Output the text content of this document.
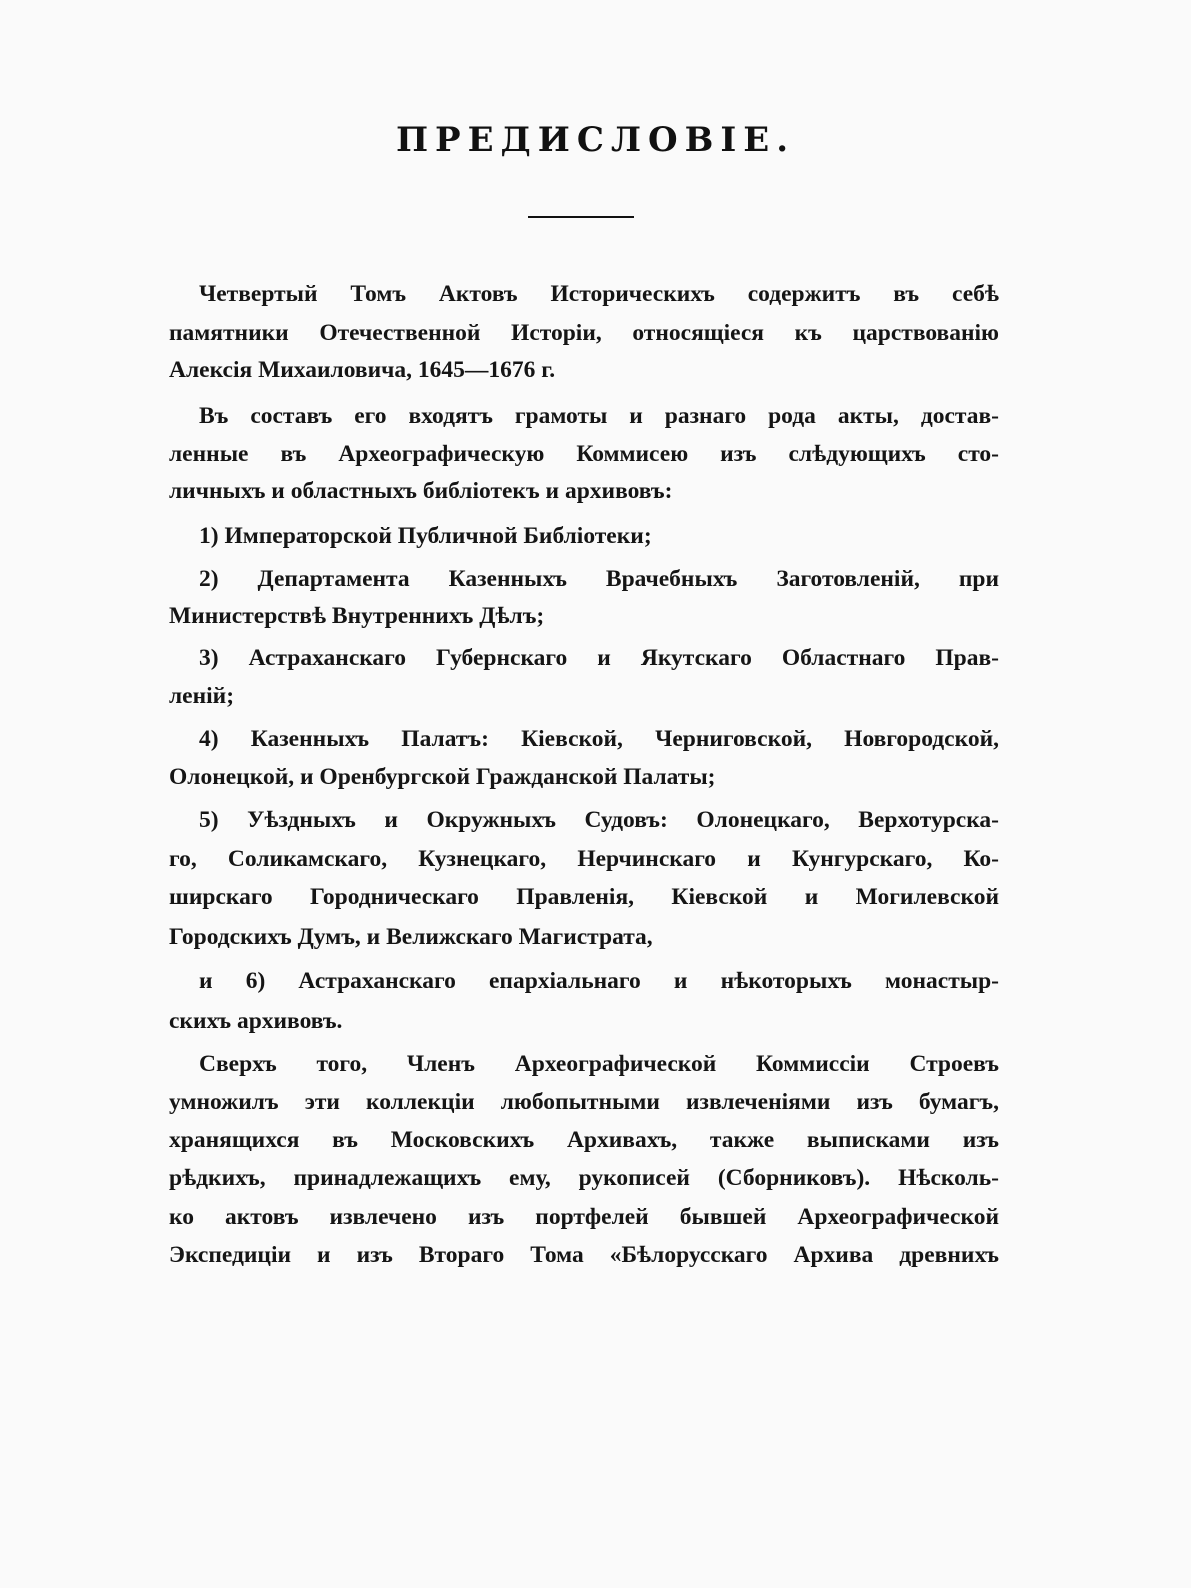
ПРЕДИСЛОВІЕ.
Четвертый Томъ Актовъ Историческихъ содержитъ въ себѣ
памятники Отечественной Исторіи, относящіеся къ царствованію
Алексія Михаиловича, 1645—1676 г.
Въ составъ его входятъ грамоты и разнаго рода акты, достав-
ленные въ Археографическую Коммисею изъ слѣдующихъ сто-
личныхъ и областныхъ библіотекъ и архивовъ:
1) Императорской Публичной Библіотеки;
2) Департамента Казенныхъ Врачебныхъ Заготовленій, при
Министерствѣ Внутреннихъ Дѣлъ;
3) Астраханскаго Губернскаго и Якутскаго Областнаго Прав-
леній;
4) Казенныхъ Палатъ: Кіевской, Черниговской, Новгородской,
Олонецкой, и Оренбургской Гражданской Палаты;
5) Уѣздныхъ и Окружныхъ Судовъ: Олонецкаго, Верхотурска-
го, Соликамскаго, Кузнецкаго, Нерчинскаго и Кунгурскаго, Ко-
ширскаго Городническаго Правленія, Кіевской и Могилевской
Городскихъ Думъ, и Велижскаго Магистрата,
и 6) Астраханскаго епархіальнаго и нѣкоторыхъ монастыр-
скихъ архивовъ.
Сверхъ того, Членъ Археографической Коммиссіи Строевъ
умножилъ эти коллекціи любопытными извлеченіями изъ бумагъ,
хранящихся въ Московскихъ Архивахъ, также выписками изъ
рѣдкихъ, принадлежащихъ ему, рукописей (Сборниковъ). Нѣсколь-
ко актовъ извлечено изъ портфелей бывшей Археографической
Экспедиціи и изъ Втораго Тома «Бѣлорусскаго Архива древнихъ
